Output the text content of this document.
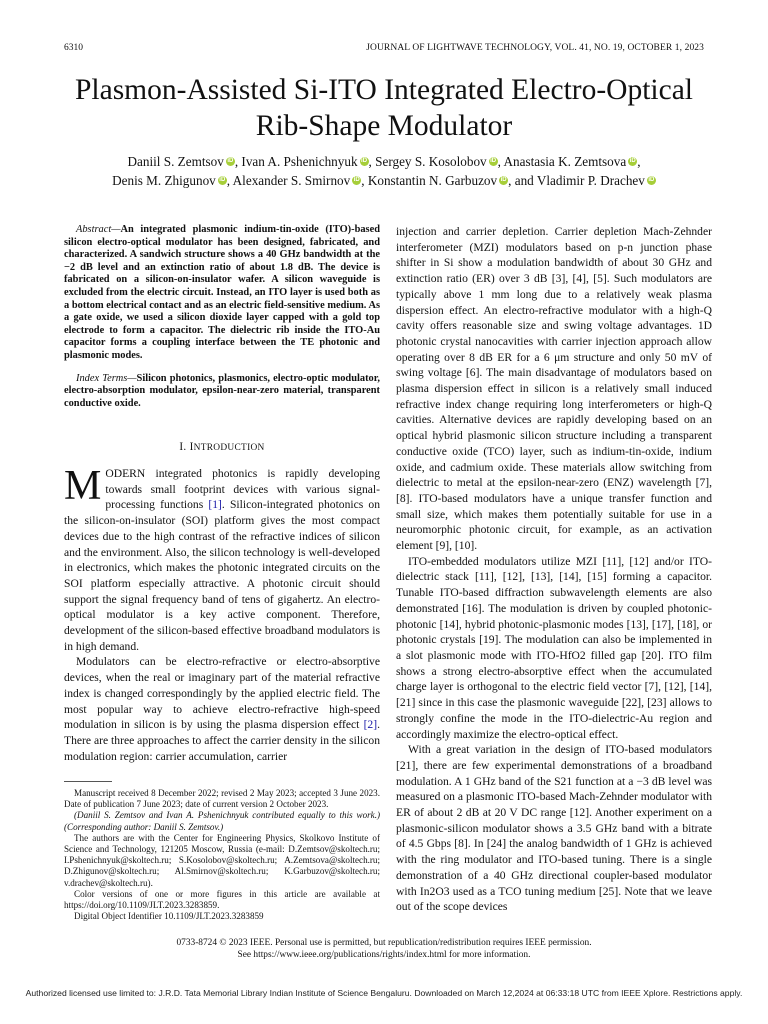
6310	JOURNAL OF LIGHTWAVE TECHNOLOGY, VOL. 41, NO. 19, OCTOBER 1, 2023
Plasmon-Assisted Si-ITO Integrated Electro-Optical
Rib-Shape Modulator
Daniil S. Zemtsov iD , Ivan A. Pshenichnyuk iD , Sergey S. Kosolobov iD , Anastasia K. Zemtsova iD ,
Denis M. Zhigunov iD , Alexander S. Smirnov iD , Konstantin N. Garbuzov iD , and Vladimir P. Drachev iD

Abstract—An integrated plasmonic indium-tin-oxide (ITO)-based silicon electro-optical modulator has been designed, fabricated, and characterized. A sandwich structure shows a 40 GHz bandwidth at the −2 dB level and an extinction ratio of about 1.8 dB. The device is fabricated on a silicon-on-insulator wafer. A silicon waveguide is excluded from the electric circuit. Instead, an ITO layer is used both as a bottom electrical contact and as an electric field-sensitive medium. As a gate oxide, we used a silicon dioxide layer capped with a gold top electrode to form a capacitor. The dielectric rib inside the ITO-Au capacitor forms a coupling interface between the TE photonic and plasmonic modes.

Index Terms—Silicon photonics, plasmonics, electro-optic modulator, electro-absorption modulator, epsilon-near-zero material, transparent conductive oxide.

I. INTRODUCTION

MODERN integrated photonics is rapidly developing towards small footprint devices with various signal-processing functions [1]. Silicon-integrated photonics on the silicon-on-insulator (SOI) platform gives the most compact devices due to the high contrast of the refractive indices of silicon and the environment. Also, the silicon technology is well-developed in electronics, which makes the photonic integrated circuits on the SOI platform especially attractive. A photonic circuit should support the signal frequency band of tens of gigahertz. An electro-optical modulator is a key active component. Therefore, development of the silicon-based effective broadband modulators is in high demand.

Modulators can be electro-refractive or electro-absorptive devices, when the real or imaginary part of the material refractive index is changed correspondingly by the applied electric field. The most popular way to achieve electro-refractive high-speed modulation in silicon is by using the plasma dispersion effect [2]. There are three approaches to affect the carrier density in the silicon modulation region: carrier accumulation, carrier

Manuscript received 8 December 2022; revised 2 May 2023; accepted 3 June 2023. Date of publication 7 June 2023; date of current version 2 October 2023.

(Daniil S. Zemtsov and Ivan A. Pshenichnyuk contributed equally to this work.) (Corresponding author: Daniil S. Zemtsov.)

The authors are with the Center for Engineering Physics, Skolkovo Institute of Science and Technology, 121205 Moscow, Russia (e-mail: D.Zemtsov@skoltech.ru; I.Pshenichnyuk@skoltech.ru; S.Kosolobov@skoltech.ru; A.Zemtsova@skoltech.ru; D.Zhigunov@skoltech.ru; Al.Smirnov@skoltech.ru; K.Garbuzov@skoltech.ru; v.drachev@skoltech.ru).

Color versions of one or more figures in this article are available at https://doi.org/10.1109/JLT.2023.3283859.

Digital Object Identifier 10.1109/JLT.2023.3283859

injection and carrier depletion. Carrier depletion Mach-Zehnder interferometer (MZI) modulators based on p-n junction phase shifter in Si show a modulation bandwidth of about 30 GHz and extinction ratio (ER) over 3 dB [3], [4], [5]. Such modulators are typically above 1 mm long due to a relatively weak plasma dispersion effect. An electro-refractive modulator with a high-Q cavity offers reasonable size and swing voltage advantages. 1D photonic crystal nanocavities with carrier injection approach allow operating over 8 dB ER for a 6 μm structure and only 50 mV of swing voltage [6]. The main disadvantage of modulators based on plasma dispersion effect in silicon is a relatively small induced refractive index change requiring long interferometers or high-Q cavities. Alternative devices are rapidly developing based on an optical hybrid plasmonic silicon structure including a transparent conductive oxide (TCO) layer, such as indium-tin-oxide, indium oxide, and cadmium oxide. These materials allow switching from dielectric to metal at the epsilon-near-zero (ENZ) wavelength [7], [8]. ITO-based modulators have a unique transfer function and small size, which makes them potentially suitable for use in a neuromorphic photonic circuit, for example, as an activation element [9], [10].

ITO-embedded modulators utilize MZI [11], [12] and/or ITO-dielectric stack [11], [12], [13], [14], [15] forming a capacitor. Tunable ITO-based diffraction subwavelength elements are also demonstrated [16]. The modulation is driven by coupled photonic-photonic [14], hybrid photonic-plasmonic modes [13], [17], [18], or photonic crystals [19]. The modulation can also be implemented in a slot plasmonic mode with ITO-HfO2 filled gap [20]. ITO film shows a strong electro-absorptive effect when the accumulated charge layer is orthogonal to the electric field vector [7], [12], [14], [21] since in this case the plasmonic waveguide [22], [23] allows to strongly confine the mode in the ITO-dielectric-Au region and accordingly maximize the electro-optical effect.

With a great variation in the design of ITO-based modulators [21], there are few experimental demonstrations of a broadband modulation. A 1 GHz band of the S21 function at a −3 dB level was measured on a plasmonic ITO-based Mach-Zehnder modulator with ER of about 2 dB at 20 V DC range [12]. Another experiment on a plasmonic-silicon modulator shows a 3.5 GHz band with a bitrate of 4.5 Gbps [8]. In [24] the analog bandwidth of 1 GHz is achieved with the ring modulator and ITO-based tuning. There is a single demonstration of a 40 GHz directional coupler-based modulator with In2O3 used as a TCO tuning medium [25]. Note that we leave out of the scope devices

0733-8724 © 2023 IEEE. Personal use is permitted, but republication/redistribution requires IEEE permission.
See https://www.ieee.org/publications/rights/index.html for more information.
Authorized licensed use limited to: J.R.D. Tata Memorial Library Indian Institute of Science Bengaluru. Downloaded on March 12,2024 at 06:33:18 UTC from IEEE Xplore. Restrictions apply.
